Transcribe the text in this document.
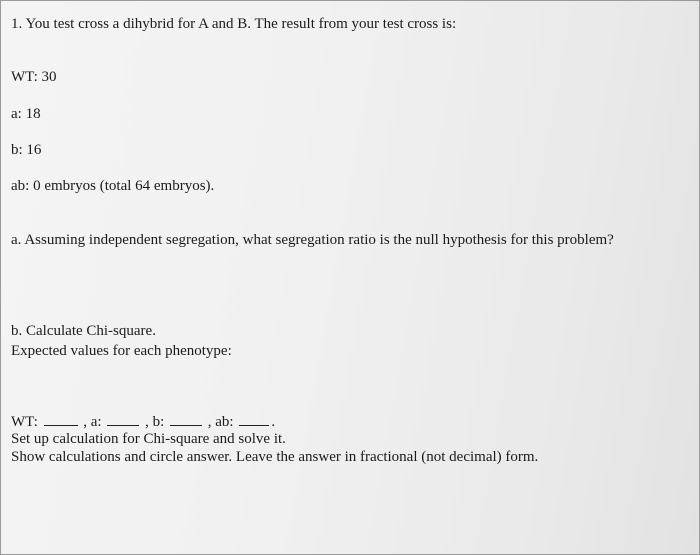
1. You test cross a dihybrid for A and B. The result from your test cross is:
WT: 30
a: 18
b: 16
ab: 0 embryos (total 64 embryos).
a. Assuming independent segregation, what segregation ratio is the null hypothesis for this problem?
b. Calculate Chi-square.
Expected values for each phenotype:
WT:	, a:	, b:	, ab:	.
Set up calculation for Chi-square and solve it.
Show calculations and circle answer. Leave the answer in fractional (not decimal) form.
